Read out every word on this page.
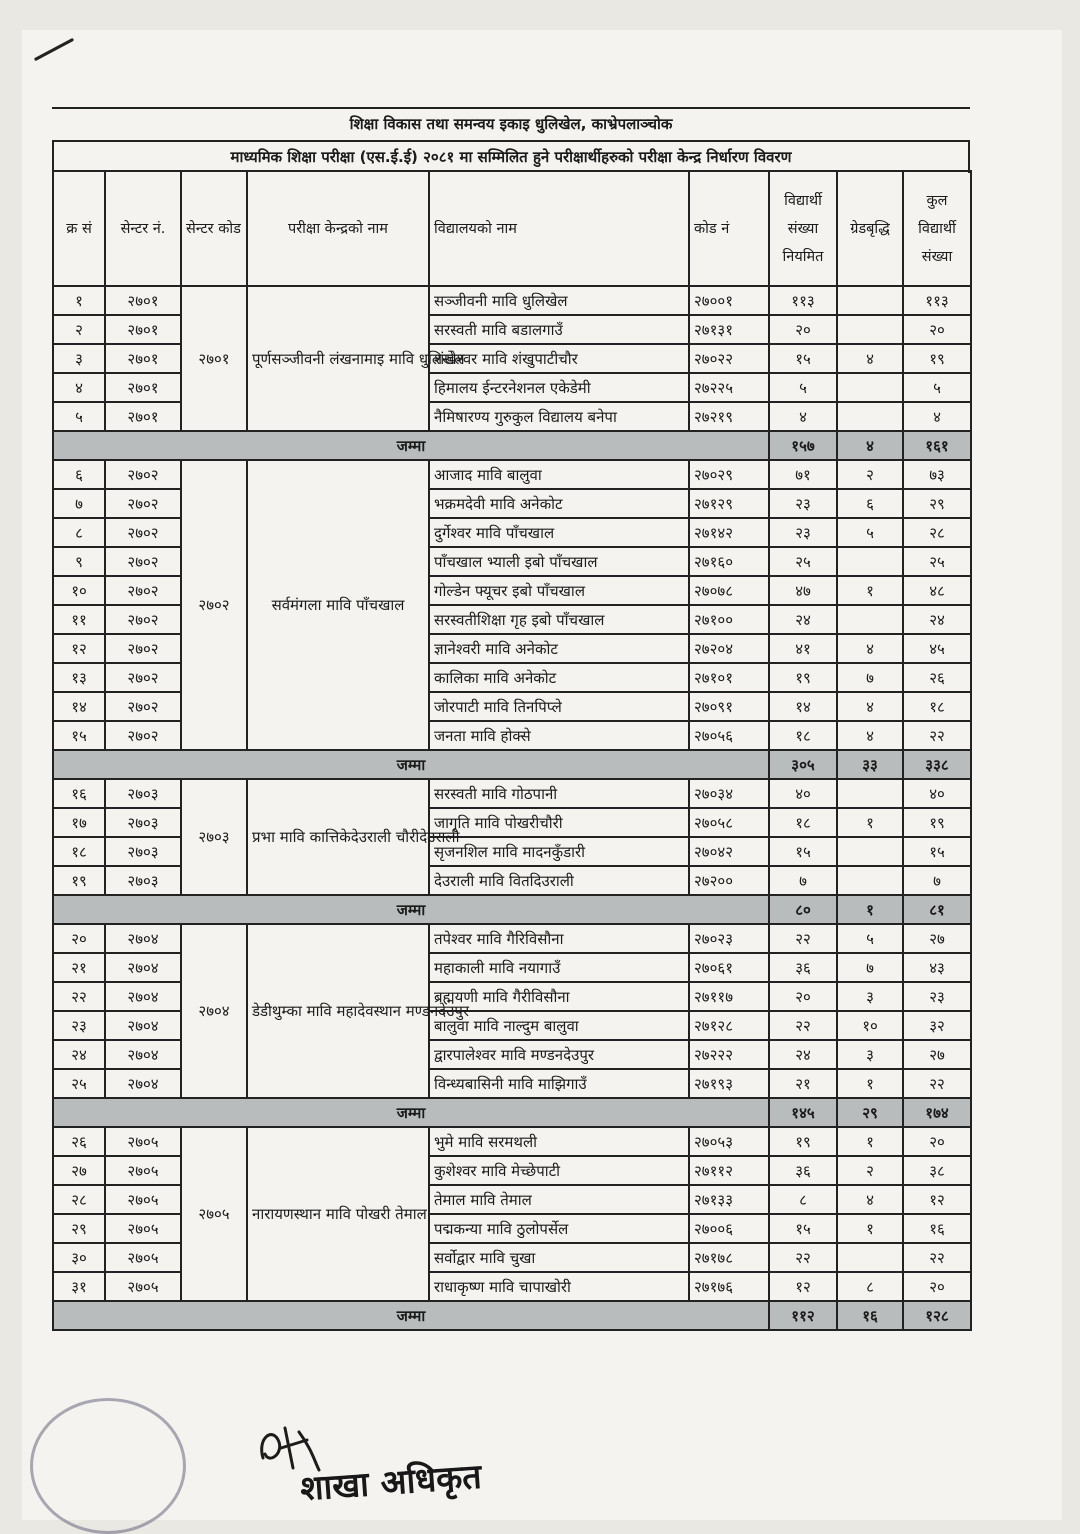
शिक्षा विकास तथा समन्वय इकाइ धुलिखेल, काभ्रेपलाञ्चोक
माध्यमिक शिक्षा परीक्षा (एस.ई.ई) २०८१ मा सम्मिलित हुने परीक्षार्थीहरुको परीक्षा केन्द्र निर्धारण विवरण
क्र सं	सेन्टर नं.	सेन्टर कोड	परीक्षा केन्द्रको नाम	विद्यालयको नाम	कोड नं	विद्यार्थी संख्या नियमित	ग्रेडबृद्धि	कुल विद्यार्थी संख्या
१	२७०१	२७०१	पूर्णसञ्जीवनी लंखनामाइ मावि धुलिखेल	सञ्जीवनी मावि धुलिखेल	२७००१	११३		११३
२	२७०१			सरस्वती मावि बडालगाउँ	२७१३१	२०		२०
३	२७०१			शंखेश्वर मावि शंखुपाटीचौर	२७०२२	१५	४	१९
४	२७०१			हिमालय ईन्टरनेशनल एकेडेमी	२७२२५	५		५
५	२७०१			नैमिषारण्य गुरुकुल विद्यालय बनेपा	२७२१९	४		४
जम्मा						१५७	४	१६१
६	२७०२	२७०२	सर्वमंगला मावि पाँचखाल	आजाद मावि बालुवा	२७०२९	७१	२	७३
७	२७०२			भक्रमदेवी मावि अनेकोट	२७१२९	२३	६	२९
८	२७०२			दुर्गेश्वर मावि पाँचखाल	२७१४२	२३	५	२८
९	२७०२			पाँचखाल भ्याली इबो पाँचखाल	२७१६०	२५		२५
१०	२७०२			गोल्डेन फ्यूचर इबो पाँचखाल	२७०७८	४७	१	४८
११	२७०२			सरस्वतीशिक्षा गृह इबो पाँचखाल	२७१००	२४		२४
१२	२७०२			ज्ञानेश्वरी मावि अनेकोट	२७२०४	४१	४	४५
१३	२७०२			कालिका मावि अनेकोट	२७१०१	१९	७	२६
१४	२७०२			जोरपाटी मावि तिनपिप्ले	२७०९१	१४	४	१८
१५	२७०२			जनता मावि होक्से	२७०५६	१८	४	२२
जम्मा						३०५	३३	३३८
१६	२७०३	२७०३	प्रभा मावि कात्तिकेदेउराली चौरीदेउराली	सरस्वती मावि गोठपानी	२७०३४	४०		४०
१७	२७०३			जागृति मावि पोखरीचौरी	२७०५८	१८	१	१९
१८	२७०३			सृजनशिल मावि मादनकुँडारी	२७०४२	१५		१५
१९	२७०३			देउराली मावि वितदिउराली	२७२००	७		७
जम्मा						८०	१	८१
२०	२७०४	२७०४	डेडीथुम्का मावि महादेवस्थान मण्डनदेउपुर	तपेश्वर मावि गैरिविसौना	२७०२३	२२	५	२७
२१	२७०४			महाकाली मावि नयागाउँ	२७०६१	३६	७	४३
२२	२७०४			ब्रह्मयणी मावि गैरीविसौना	२७११७	२०	३	२३
२३	२७०४			बालुवा मावि नाल्दुम बालुवा	२७१२८	२२	१०	३२
२४	२७०४			द्वारपालेश्वर मावि मण्डनदेउपुर	२७२२२	२४	३	२७
२५	२७०४			विन्ध्यबासिनी मावि माझिगाउँ	२७१९३	२१	१	२२
जम्मा						१४५	२९	१७४
२६	२७०५	२७०५	नारायणस्थान मावि पोखरी तेमाल	भुमे मावि सरमथली	२७०५३	१९	१	२०
२७	२७०५			कुशेश्वर मावि मेच्छेपाटी	२७११२	३६	२	३८
२८	२७०५			तेमाल मावि तेमाल	२७१३३	८	४	१२
२९	२७०५			पद्मकन्या मावि ठुलोपर्सेल	२७००६	१५	१	१६
३०	२७०५			सर्वोद्वार मावि चुखा	२७१७८	२२		२२
३१	२७०५			राधाकृष्ण मावि चापाखोरी	२७१७६	१२	८	२०
जम्मा						११२	१६	१२८
शाखा अधिकृत
